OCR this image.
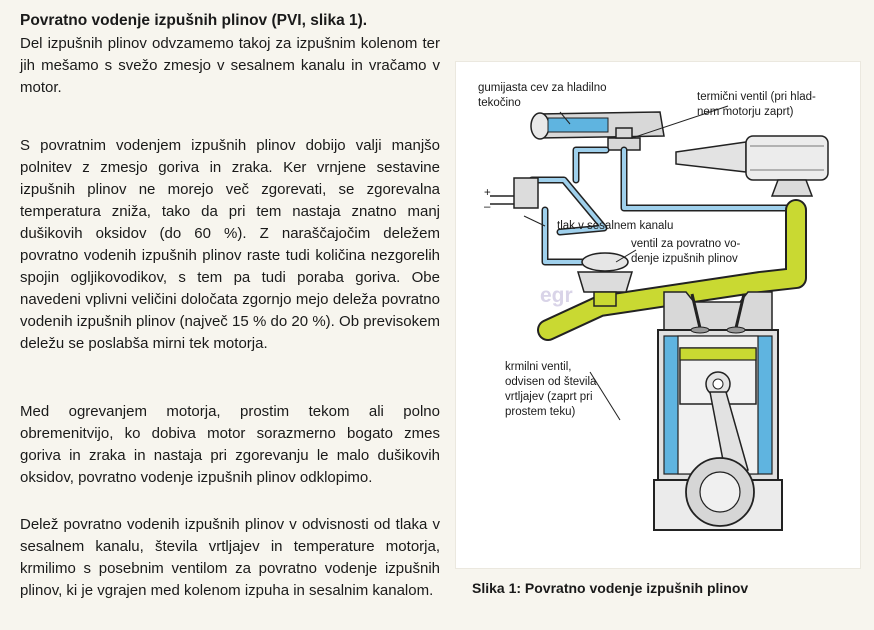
Povratno vodenje izpušnih plinov (PVI, slika 1).

Del izpušnih plinov odvzamemo takoj za izpušnim kolenom ter jih mešamo s svežo zmesjo v sesalnem kanalu in vračamo v motor.

S povratnim vodenjem izpušnih plinov dobijo valji manjšo polnitev z zmesjo goriva in zraka. Ker vrnjene sestavine izpušnih plinov ne morejo več zgorevati, se zgorevalna temperatura zniža, tako da pri tem nastaja znatno manj dušikovih oksidov (do 60 %). Z naraščajočim deležem povratno vodenih izpušnih plinov raste tudi količina nezgorelih spojin ogljikovodikov, s tem pa tudi poraba goriva. Obe navedeni vplivni veličini določata zgornjo mejo deleža povratno vodenih izpušnih plinov (največ 15 % do 20 %). Ob previsokem deležu se poslabša mirni tek motorja.

Med ogrevanjem motorja, prostim tekom ali polno obremenitvijo, ko dobiva motor sorazmerno bogato zmes goriva in zraka in nastaja pri zgorevanju le malo dušikovih oksidov, povratno vodenje izpušnih plinov odklopimo.

Delež povratno vodenih izpušnih plinov v odvisnosti od tlaka v sesalnem kanalu, števila vrtljajev in temperature motorja, krmilimo s posebnim ventilom za povratno vodenje izpušnih plinov, ki je vgrajen med kolenom izpuha in sesalnim kanalom.

+
–
gumijasta cev za hladilno
tekočino	termični ventil (pri hlad-
nem motorju zaprt)
tlak v sesalnem kanalu
ventil za povratno vo-
denje izpušnih plinov
egr
krmilni ventil,
odvisen od števila
vrtljajev (zaprt pri
prostem teku)

Slika 1: Povratno vodenje izpušnih plinov
